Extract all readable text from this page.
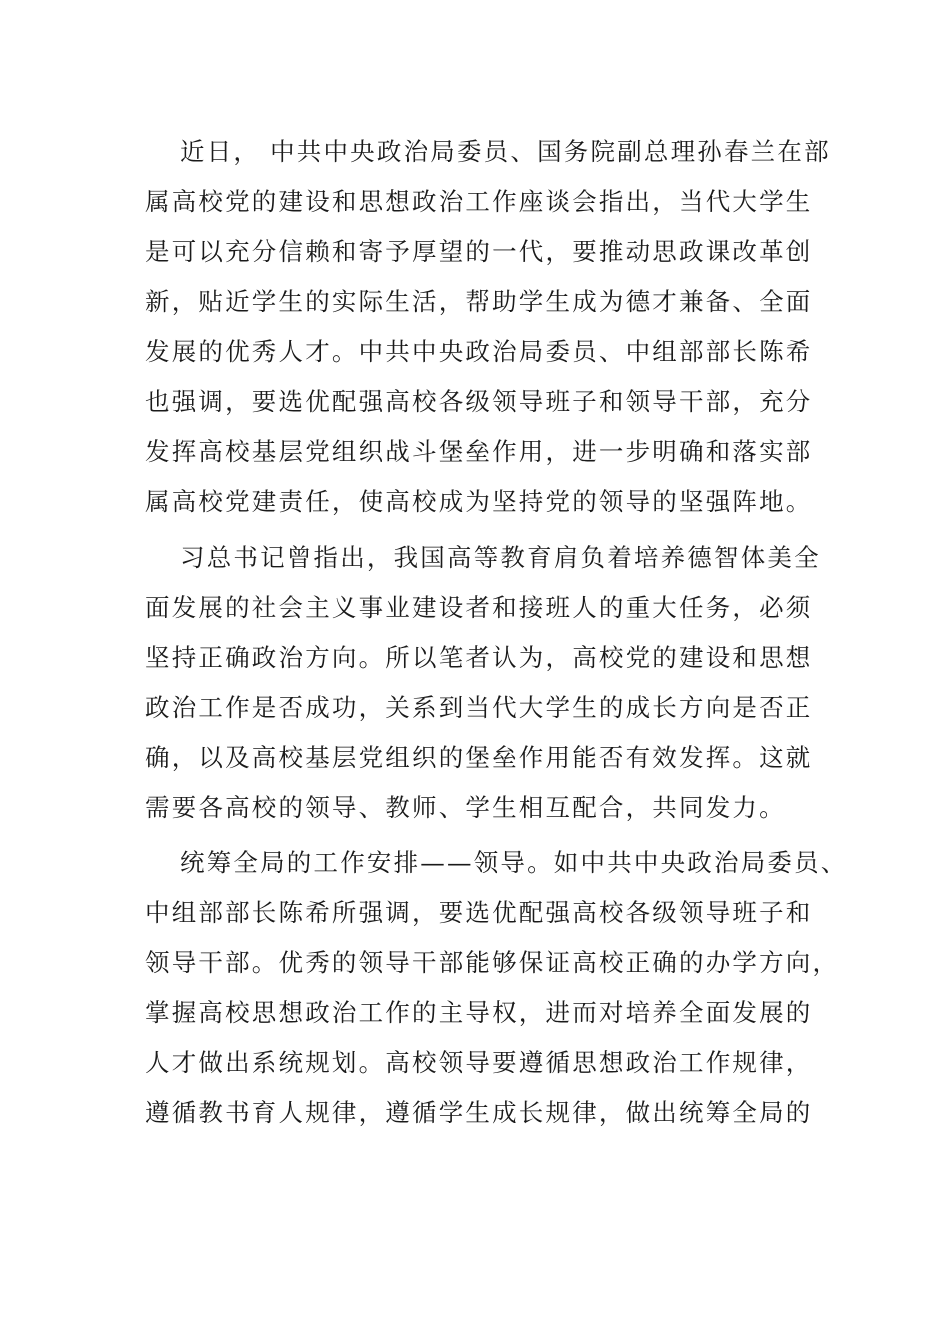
近日， 中共中央政治局委员、国务院副总理孙春兰在部
属高校党的建设和思想政治工作座谈会指出，当代大学生
是可以充分信赖和寄予厚望的一代，要推动思政课改革创
新，贴近学生的实际生活，帮助学生成为德才兼备、全面
发展的优秀人才。中共中央政治局委员、中组部部长陈希
也强调，要选优配强高校各级领导班子和领导干部，充分
发挥高校基层党组织战斗堡垒作用，进一步明确和落实部
属高校党建责任，使高校成为坚持党的领导的坚强阵地。
习总书记曾指出，我国高等教育肩负着培养德智体美全
面发展的社会主义事业建设者和接班人的重大任务，必须
坚持正确政治方向。所以笔者认为，高校党的建设和思想
政治工作是否成功，关系到当代大学生的成长方向是否正
确，以及高校基层党组织的堡垒作用能否有效发挥。这就
需要各高校的领导、教师、学生相互配合，共同发力。
统筹全局的工作安排——领导。如中共中央政治局委员、
中组部部长陈希所强调，要选优配强高校各级领导班子和
领导干部。优秀的领导干部能够保证高校正确的办学方向，
掌握高校思想政治工作的主导权，进而对培养全面发展的
人才做出系统规划。高校领导要遵循思想政治工作规律，
遵循教书育人规律，遵循学生成长规律，做出统筹全局的
